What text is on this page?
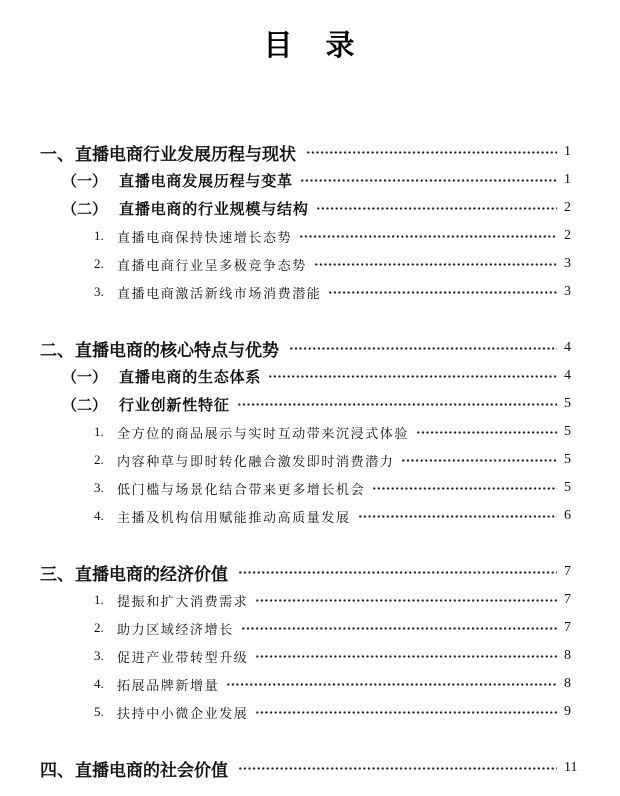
目　录
一、 直播电商行业发展历程与现状	1
（一） 直播电商发展历程与变革	1
（二） 直播电商的行业规模与结构	2
1.	直播电商保持快速增长态势	2
2.	直播电商行业呈多极竞争态势	3
3.	直播电商激活新线市场消费潜能	3
二、 直播电商的核心特点与优势	4
（一） 直播电商的生态体系	4
（二） 行业创新性特征	5
1.	全方位的商品展示与实时互动带来沉浸式体验	5
2.	内容种草与即时转化融合激发即时消费潜力	5
3.	低门槛与场景化结合带来更多增长机会	5
4.	主播及机构信用赋能推动高质量发展	6
三、 直播电商的经济价值	7
1.	提振和扩大消费需求	7
2.	助力区域经济增长	7
3.	促进产业带转型升级	8
4.	拓展品牌新增量	8
5.	扶持中小微企业发展	9
四、 直播电商的社会价值	11
